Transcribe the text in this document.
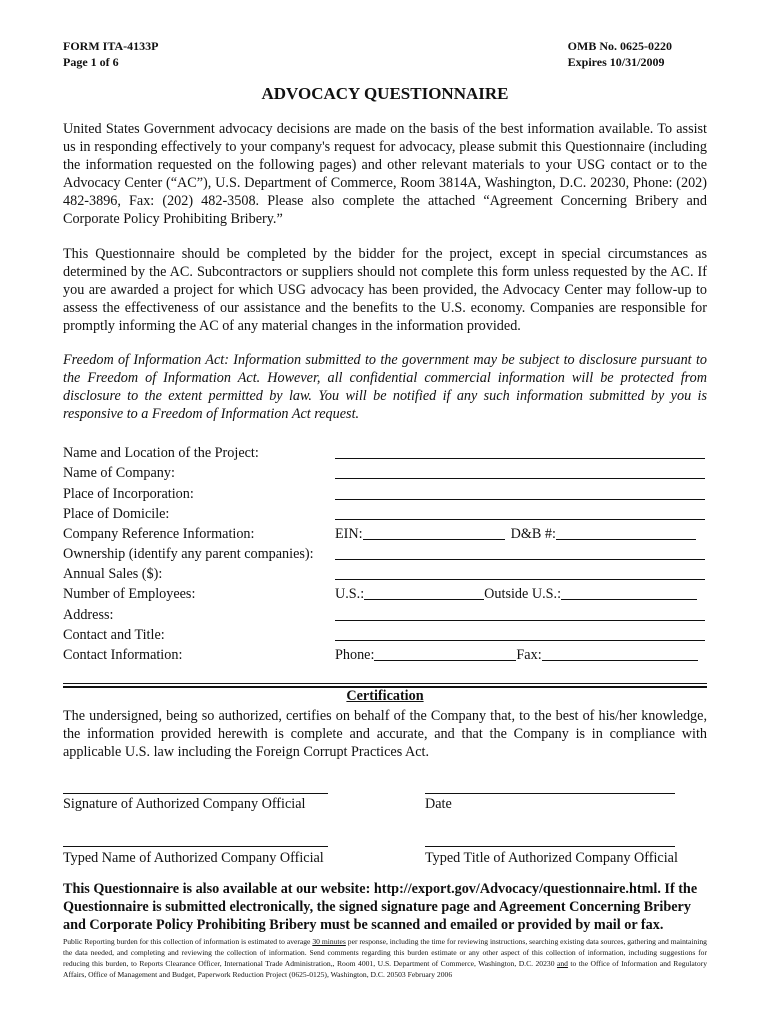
FORM ITA-4133P
Page 1 of 6
OMB No. 0625-0220
Expires 10/31/2009
ADVOCACY QUESTIONNAIRE
United States Government advocacy decisions are made on the basis of the best information available. To assist us in responding effectively to your company's request for advocacy, please submit this Questionnaire (including the information requested on the following pages) and other relevant materials to your USG contact or to the Advocacy Center (“AC”), U.S. Department of Commerce, Room 3814A, Washington, D.C. 20230, Phone: (202) 482-3896, Fax: (202) 482-3508. Please also complete the attached “Agreement Concerning Bribery and Corporate Policy Prohibiting Bribery.”
This Questionnaire should be completed by the bidder for the project, except in special circumstances as determined by the AC. Subcontractors or suppliers should not complete this form unless requested by the AC. If you are awarded a project for which USG advocacy has been provided, the Advocacy Center may follow-up to assess the effectiveness of our assistance and the benefits to the U.S. economy. Companies are responsible for promptly informing the AC of any material changes in the information provided.
Freedom of Information Act: Information submitted to the government may be subject to disclosure pursuant to the Freedom of Information Act. However, all confidential commercial information will be protected from disclosure to the extent permitted by law. You will be notified if any such information submitted by you is responsive to a Freedom of Information Act request.
Name and Location of the Project:
Name of Company:
Place of Incorporation:
Place of Domicile:
Company Reference Information:	EIN:	D&B #:
Ownership (identify any parent companies):
Annual Sales ($):
Number of Employees:	U.S.:	Outside U.S.:
Address:
Contact and Title:
Contact Information:	Phone:	Fax:
Certification
The undersigned, being so authorized, certifies on behalf of the Company that, to the best of his/her knowledge, the information provided herewith is complete and accurate, and that the Company is in compliance with applicable U.S. law including the Foreign Corrupt Practices Act.
Signature of Authorized Company Official	Date
Typed Name of Authorized Company Official	Typed Title of Authorized Company Official
This Questionnaire is also available at our website: http://export.gov/Advocacy/questionnaire.html. If the Questionnaire is submitted electronically, the signed signature page and Agreement Concerning Bribery and Corporate Policy Prohibiting Bribery must be scanned and emailed or provided by mail or fax.
Public Reporting burden for this collection of information is estimated to average 30 minutes per response, including the time for reviewing instructions, searching existing data sources, gathering and maintaining the data needed, and completing and reviewing the collection of information. Send comments regarding this burden estimate or any other aspect of this collection of information, including suggestions for reducing this burden, to Reports Clearance Officer, International Trade Administration,, Room 4001, U.S. Department of Commerce, Washington, D.C. 20230 and to the Office of Information and Regulatory Affairs, Office of Management and Budget, Paperwork Reduction Project (0625-0125), Washington, D.C. 20503 February 2006
